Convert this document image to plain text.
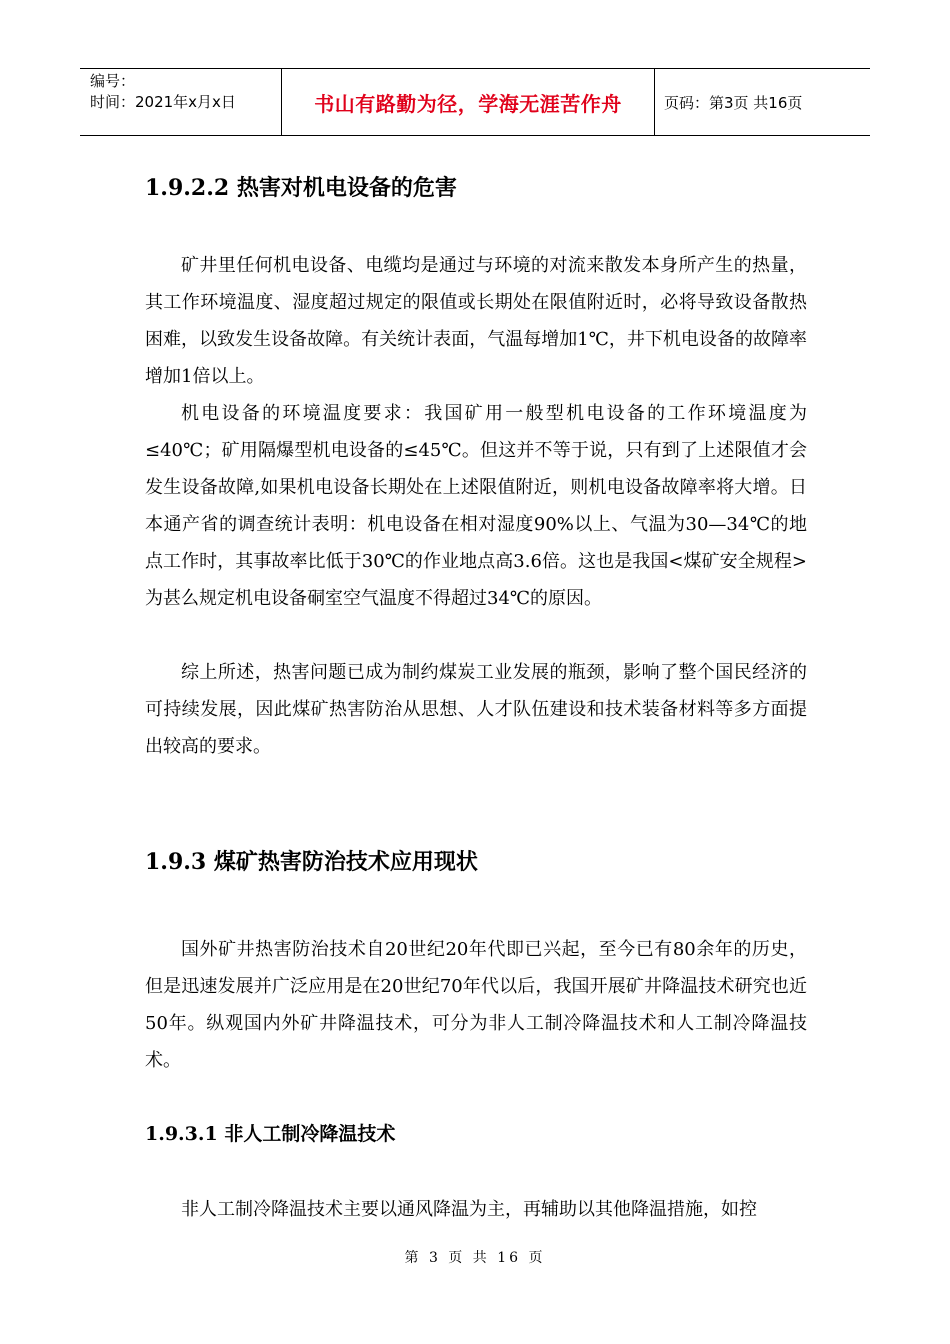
编号：
时间：2021年x月x日	书山有路勤为径，学海无涯苦作舟	页码：第3页 共16页
1.9.2.2 热害对机电设备的危害

矿井里任何机电设备、电缆均是通过与环境的对流来散发本身所产生的热量，其工作环境温度、湿度超过规定的限值或长期处在限值附近时，必将导致设备散热困难，以致发生设备故障。有关统计表面，气温每增加1℃，井下机电设备的故障率增加1倍以上。

机电设备的环境温度要求：我国矿用一般型机电设备的工作环境温度为≤40℃；矿用隔爆型机电设备的≤45℃。但这并不等于说，只有到了上述限值才会发生设备故障,如果机电设备长期处在上述限值附近，则机电设备故障率将大增。日本通产省的调查统计表明：机电设备在相对湿度90%以上、气温为30—34℃的地点工作时，其事故率比低于30℃的作业地点高3.6倍。这也是我国<煤矿安全规程>为甚么规定机电设备硐室空气温度不得超过34℃的原因。

综上所述，热害问题已成为制约煤炭工业发展的瓶颈，影响了整个国民经济的可持续发展，因此煤矿热害防治从思想、人才队伍建设和技术装备材料等多方面提出较高的要求。

1.9.3 煤矿热害防治技术应用现状

国外矿井热害防治技术自20世纪20年代即已兴起，至今已有80余年的历史，但是迅速发展并广泛应用是在20世纪70年代以后，我国开展矿井降温技术研究也近50年。纵观国内外矿井降温技术，可分为非人工制冷降温技术和人工制冷降温技术。

1.9.3.1 非人工制冷降温技术

非人工制冷降温技术主要以通风降温为主，再辅助以其他降温措施，如控

第 3 页 共 16 页
